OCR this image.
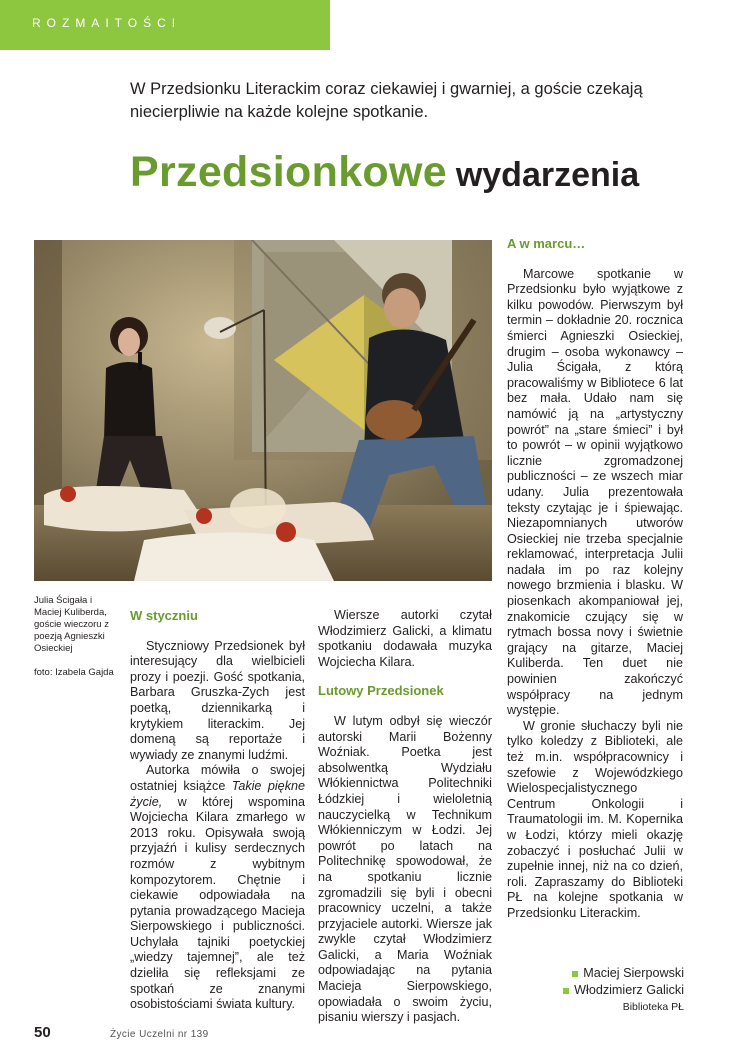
ROZMAITOŚCI

W Przedsionku Literackim coraz ciekawiej i gwarniej, a goście czekają niecierpliwie na każde kolejne spotkanie.

Przedsionkowe wydarzenia

Julia Ścigała i Maciej Kuliberda, goście wieczoru z poezją Agnieszki Osieckiej

foto: Izabela Gajda

W styczniu

Styczniowy Przedsionek był interesujący dla wielbicieli prozy i poezji. Gość spotkania, Barbara Gruszka-Zych jest poetką, dziennikarką i krytykiem literackim. Jej domeną są reportaże i wywiady ze znanymi ludźmi.

Autorka mówiła o swojej ostatniej książce Takie piękne życie, w której wspomina Wojciecha Kilara zmarłego w 2013 roku. Opisywała swoją przyjaźń i kulisy serdecznych rozmów z wybitnym kompozytorem. Chętnie i ciekawie odpowiadała na pytania prowadzącego Macieja Sierpowskiego i publiczności. Uchylała tajniki poetyckiej „wiedzy tajemnej”, ale też dzieliła się refleksjami ze spotkań ze znanymi osobistościami świata kultury.

Wiersze autorki czytał Włodzimierz Galicki, a klimatu spotkaniu dodawała muzyka Wojciecha Kilara.

Lutowy Przedsionek

W lutym odbył się wieczór autorski Marii Bożenny Woźniak. Poetka jest absolwentką Wydziału Włókiennictwa Politechniki Łódzkiej i wieloletnią nauczycielką w Technikum Włókienniczym w Łodzi. Jej powrót po latach na Politechnikę spowodował, że na spotkaniu licznie zgromadzili się byli i obecni pracownicy uczelni, a także przyjaciele autorki. Wiersze jak zwykle czytał Włodzimierz Galicki, a Maria Woźniak odpowiadając na pytania Macieja Sierpowskiego, opowiadała o swoim życiu, pisaniu wierszy i pasjach.

A w marcu…

Marcowe spotkanie w Przedsionku było wyjątkowe z kilku powodów. Pierwszym był termin – dokładnie 20. rocznica śmierci Agnieszki Osieckiej, drugim – osoba wykonawcy – Julia Ścigała, z którą pracowaliśmy w Bibliotece 6 lat bez mała. Udało nam się namówić ją na „artystyczny powrót” na „stare śmieci” i był to powrót – w opinii wyjątkowo licznie zgromadzonej publiczności – ze wszech miar udany. Julia prezentowała teksty czytając je i śpiewając. Niezapomnianych utworów Osieckiej nie trzeba specjalnie reklamować, interpretacja Julii nadała im po raz kolejny nowego brzmienia i blasku. W piosenkach akompaniował jej, znakomicie czujący się w rytmach bossa novy i świetnie grający na gitarze, Maciej Kuliberda. Ten duet nie powinien zakończyć współpracy na jednym występie.

W gronie słuchaczy byli nie tylko koledzy z Biblioteki, ale też m.in. współpracownicy i szefowie z Wojewódzkiego Wielospecjalistycznego Centrum Onkologii i Traumatologii im. M. Kopernika w Łodzi, którzy mieli okazję zobaczyć i posłuchać Julii w zupełnie innej, niż na co dzień, roli. Zapraszamy do Biblioteki PŁ na kolejne spotkania w Przedsionku Literackim.

Maciej Sierpowski
Włodzimierz Galicki
Biblioteka PŁ
50	Życie Uczelni nr 139
